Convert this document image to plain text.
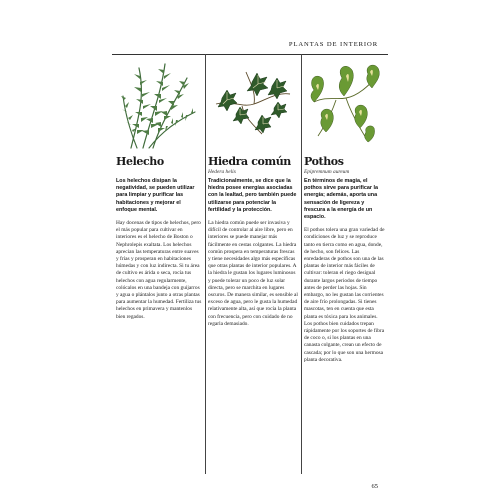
PLANTAS DE INTERIOR
Helecho

Los helechos disipan la negatividad, se pueden utilizar para limpiar y purificar las habitaciones y mejorar el enfoque mental.

Hay docenas de tipos de helechos, pero el más popular para cultivar en interiores es el helecho de Boston o Nephrolepis exaltata. Los helechos aprecian las temperaturas entre suaves y frías y prosperan en habitaciones húmedas y con luz indirecta. Si tu área de cultivo es árida o seca, rocía tus helechos con agua regularmente, colócalos en una bandeja con guijarros y agua o plántalos junto a otras plantas para aumentar la humedad. Fertiliza tus helechos en primavera y mantenlos bien regados.

Hiedra común
Hedera helix

Tradicionalmente, se dice que la hiedra posee energías asociadas con la lealtad, pero también puede utilizarse para potenciar la fertilidad y la protección.

La hiedra común puede ser invasiva y difícil de controlar al aire libre, pero en interiores se puede manejar más fácilmente en cestas colgantes. La hiedra común prospera en temperaturas frescas y tiene necesidades algo más específicas que otras plantas de interior populares. A la hiedra le gustan los lugares luminosos y puede tolerar un poco de luz solar directa, pero se marchita en lugares oscuros. De manera similar, es sensible al exceso de agua, pero le gusta la humedad relativamente alta, así que rocía la planta con frecuencia, pero con cuidado de no regarla demasiado.

Pothos
Epipremnum aureum

En términos de magia, el pothos sirve para purificar la energía; además, aporta una sensación de ligereza y frescura a la energía de un espacio.

El pothos tolera una gran variedad de condiciones de luz y se reproduce tanto en tierra como en agua, donde, de hecho, son felices. Las enredaderas de pothos son una de las plantas de interior más fáciles de cultivar: toleran el riego desigual durante largos periodos de tiempo antes de perder las hojas. Sin embargo, no les gustan las corrientes de aire frío prolongadas. Si tienes mascotas, ten en cuenta que esta planta es tóxica para los animales. Los pothos bien cuidados trepan rápidamente por los soportes de fibra de coco o, si los plantas en una canasta colgante, crean un efecto de cascada; por lo que son una hermosa planta decorativa.

65
